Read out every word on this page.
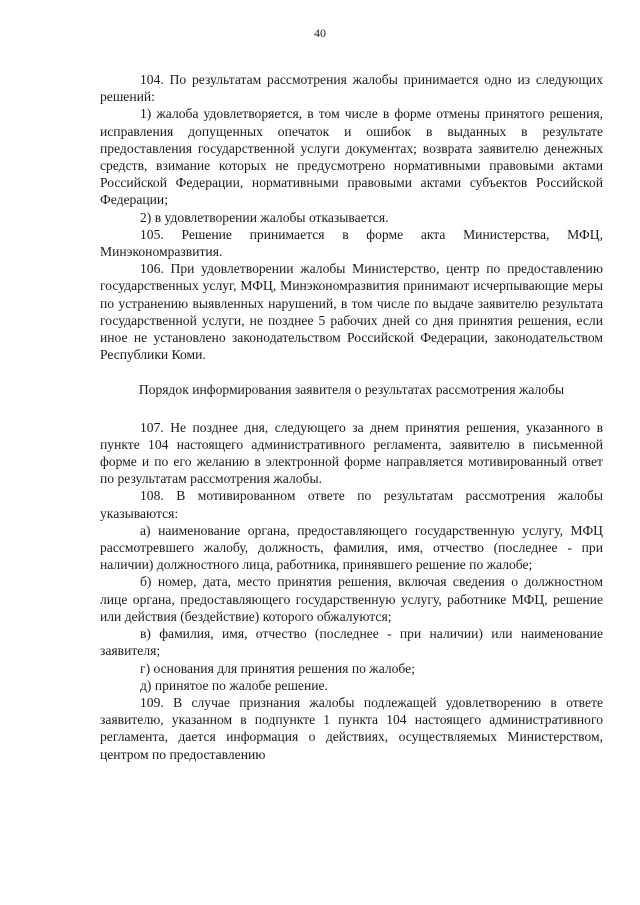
40

104. По результатам рассмотрения жалобы принимается одно из следующих решений:

1) жалоба удовлетворяется, в том числе в форме отмены принятого решения, исправления допущенных опечаток и ошибок в выданных в результате предоставления государственной услуги документах; возврата заявителю денежных средств, взимание которых не предусмотрено нормативными правовыми актами Российской Федерации, нормативными правовыми актами субъектов Российской Федерации;

2) в удовлетворении жалобы отказывается.

105. Решение принимается в форме акта Министерства, МФЦ, Минэкономразвития.

106. При удовлетворении жалобы Министерство, центр по предоставлению государственных услуг, МФЦ, Минэкономразвития принимают исчерпывающие меры по устранению выявленных нарушений, в том числе по выдаче заявителю результата государственной услуги, не позднее 5 рабочих дней со дня принятия решения, если иное не установлено законодательством Российской Федерации, законодательством Республики Коми.

Порядок информирования заявителя о результатах рассмотрения жалобы

107. Не позднее дня, следующего за днем принятия решения, указанного в пункте 104 настоящего административного регламента, заявителю в письменной форме и по его желанию в электронной форме направляется мотивированный ответ по результатам рассмотрения жалобы.

108. В мотивированном ответе по результатам рассмотрения жалобы указываются:

а) наименование органа, предоставляющего государственную услугу, МФЦ рассмотревшего жалобу, должность, фамилия, имя, отчество (последнее - при наличии) должностного лица, работника, принявшего решение по жалобе;

б) номер, дата, место принятия решения, включая сведения о должностном лице органа, предоставляющего государственную услугу, работнике МФЦ, решение или действия (бездействие) которого обжалуются;

в) фамилия, имя, отчество (последнее - при наличии) или наименование заявителя;

г) основания для принятия решения по жалобе;

д) принятое по жалобе решение.

109. В случае признания жалобы подлежащей удовлетворению в ответе заявителю, указанном в подпункте 1 пункта 104 настоящего административного регламента, дается информация о действиях, осуществляемых Министерством, центром по предоставлению
